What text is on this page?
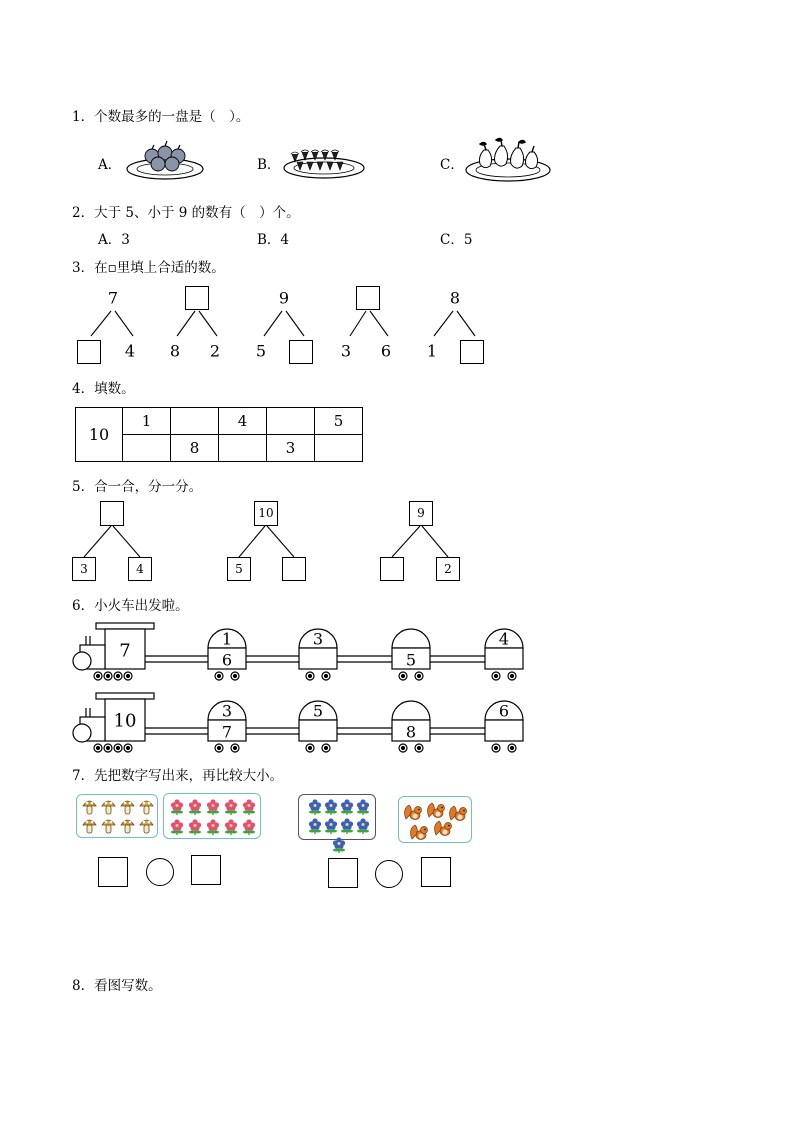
1．个数最多的一盘是（　）。
A．	B．	C．
2．大于 5、小于 9 的数有（　）个。
A．3	B．4	C．5
3．在▫里填上合适的数。
7
4 8 2
9
5	3 6
8
1
4．填数。
10	1		4		5
		8		3	
5．合一合，分一分。
3	4
10
5
9
2
6．小火车出发啦。
7
1
6
3
5
4
10	3
7
5
8
6
7．先把数字写出来，再比较大小。
8．看图写数。
